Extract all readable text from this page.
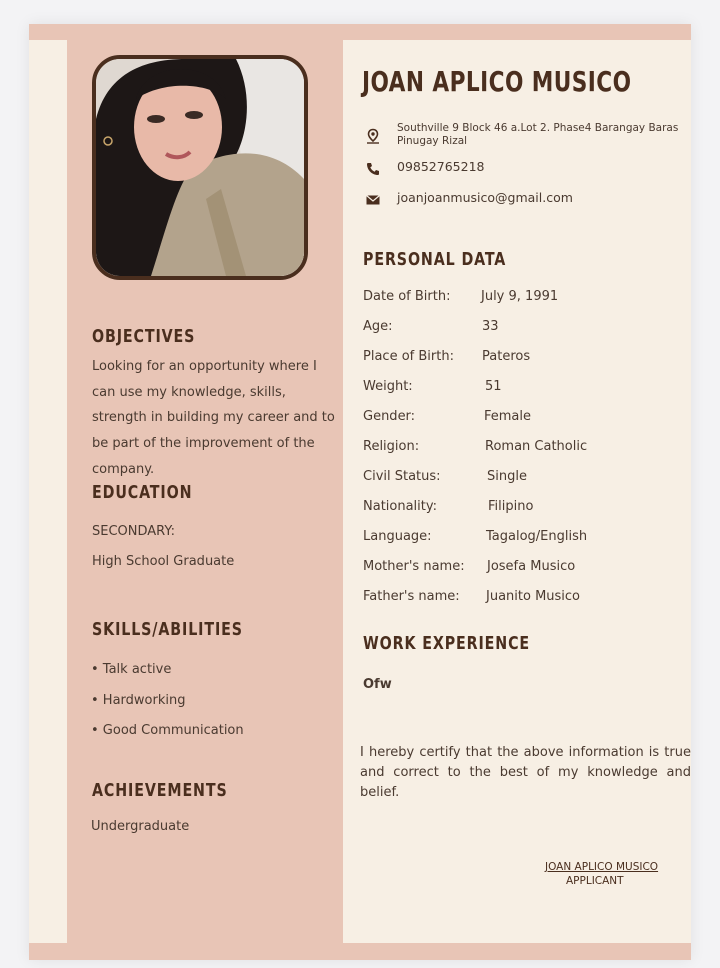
OBJECTIVES
Looking for an opportunity where I can use my knowledge, skills, strength in building my career and to be part of the improvement of the company.
EDUCATION
SECONDARY:
High School Graduate
SKILLS/ABILITIES
• Talk active
• Hardworking
• Good Communication
ACHIEVEMENTS
Undergraduate
JOAN APLICO MUSICO
Southville 9 Block 46 a.Lot 2. Phase4 Barangay Baras Pinugay Rizal
09852765218
joanjoanmusico@gmail.com
PERSONAL DATA
Date of Birth: July 9, 1991
Age:	33
Place of Birth: Pateros
Weight:	51
Gender:	Female
Religion:	Roman Catholic
Civil Status:	Single
Nationality:	Filipino
Language:	Tagalog/English
Mother's name: Josefa Musico
Father's name: Juanito Musico
WORK EXPERIENCE
Ofw
I hereby certify that the above information is true and correct to the best of my knowledge and belief.
JOAN APLICO MUSICO
APPLICANT
